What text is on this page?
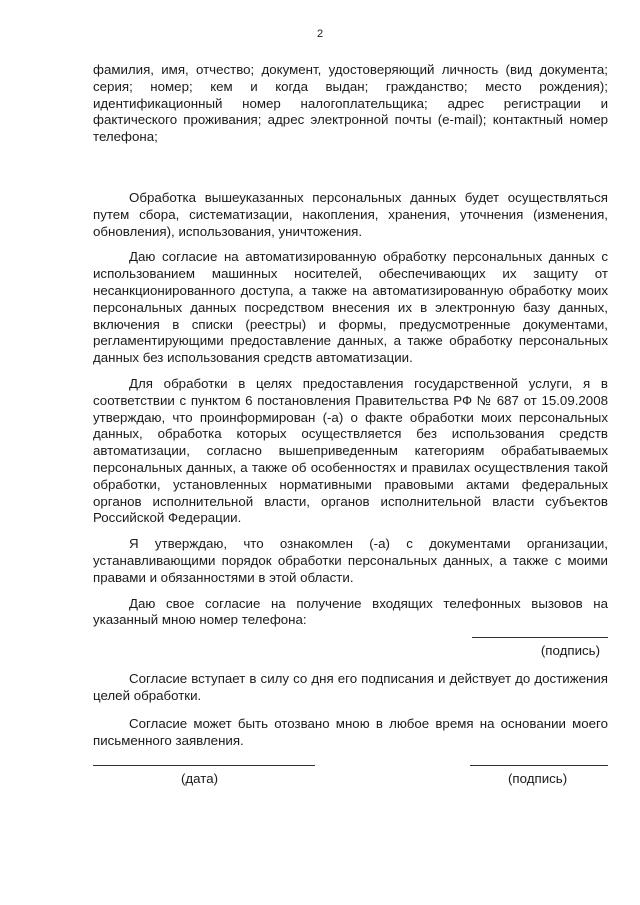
2

фамилия, имя, отчество; документ, удостоверяющий личность (вид документа; серия; номер; кем и когда выдан; гражданство; место рождения); идентификационный номер налогоплательщика; адрес регистрации и фактического проживания; адрес электронной почты (e-mail); контактный номер телефона;

Обработка вышеуказанных персональных данных будет осуществляться путем сбора, систематизации, накопления, хранения, уточнения (изменения, обновления), использования, уничтожения.

Даю согласие на автоматизированную обработку персональных данных с использованием машинных носителей, обеспечивающих их защиту от несанкционированного доступа, а также на автоматизированную обработку моих персональных данных посредством внесения их в электронную базу данных, включения в списки (реестры) и формы, предусмотренные документами, регламентирующими предоставление данных, а также обработку персональных данных без использования средств автоматизации.

Для обработки в целях предоставления государственной услуги, я в соответствии с пунктом 6 постановления Правительства РФ № 687 от 15.09.2008 утверждаю, что проинформирован (-а) о факте обработки моих персональных данных, обработка которых осуществляется без использования средств автоматизации, согласно вышеприведенным категориям обрабатываемых персональных данных, а также об особенностях и правилах осуществления такой обработки, установленных нормативными правовыми актами федеральных органов исполнительной власти, органов исполнительной власти субъектов Российской Федерации.

Я утверждаю, что ознакомлен (-а) с документами организации, устанавливающими порядок обработки персональных данных, а также с моими правами и обязанностями в этой области.

Даю свое согласие на получение входящих телефонных вызовов на указанный мною номер телефона:

(подпись)

Согласие вступает в силу со дня его подписания и действует до достижения целей обработки.

Согласие может быть отозвано мною в любое время на основании моего письменного заявления.

(дата)	(подпись)
